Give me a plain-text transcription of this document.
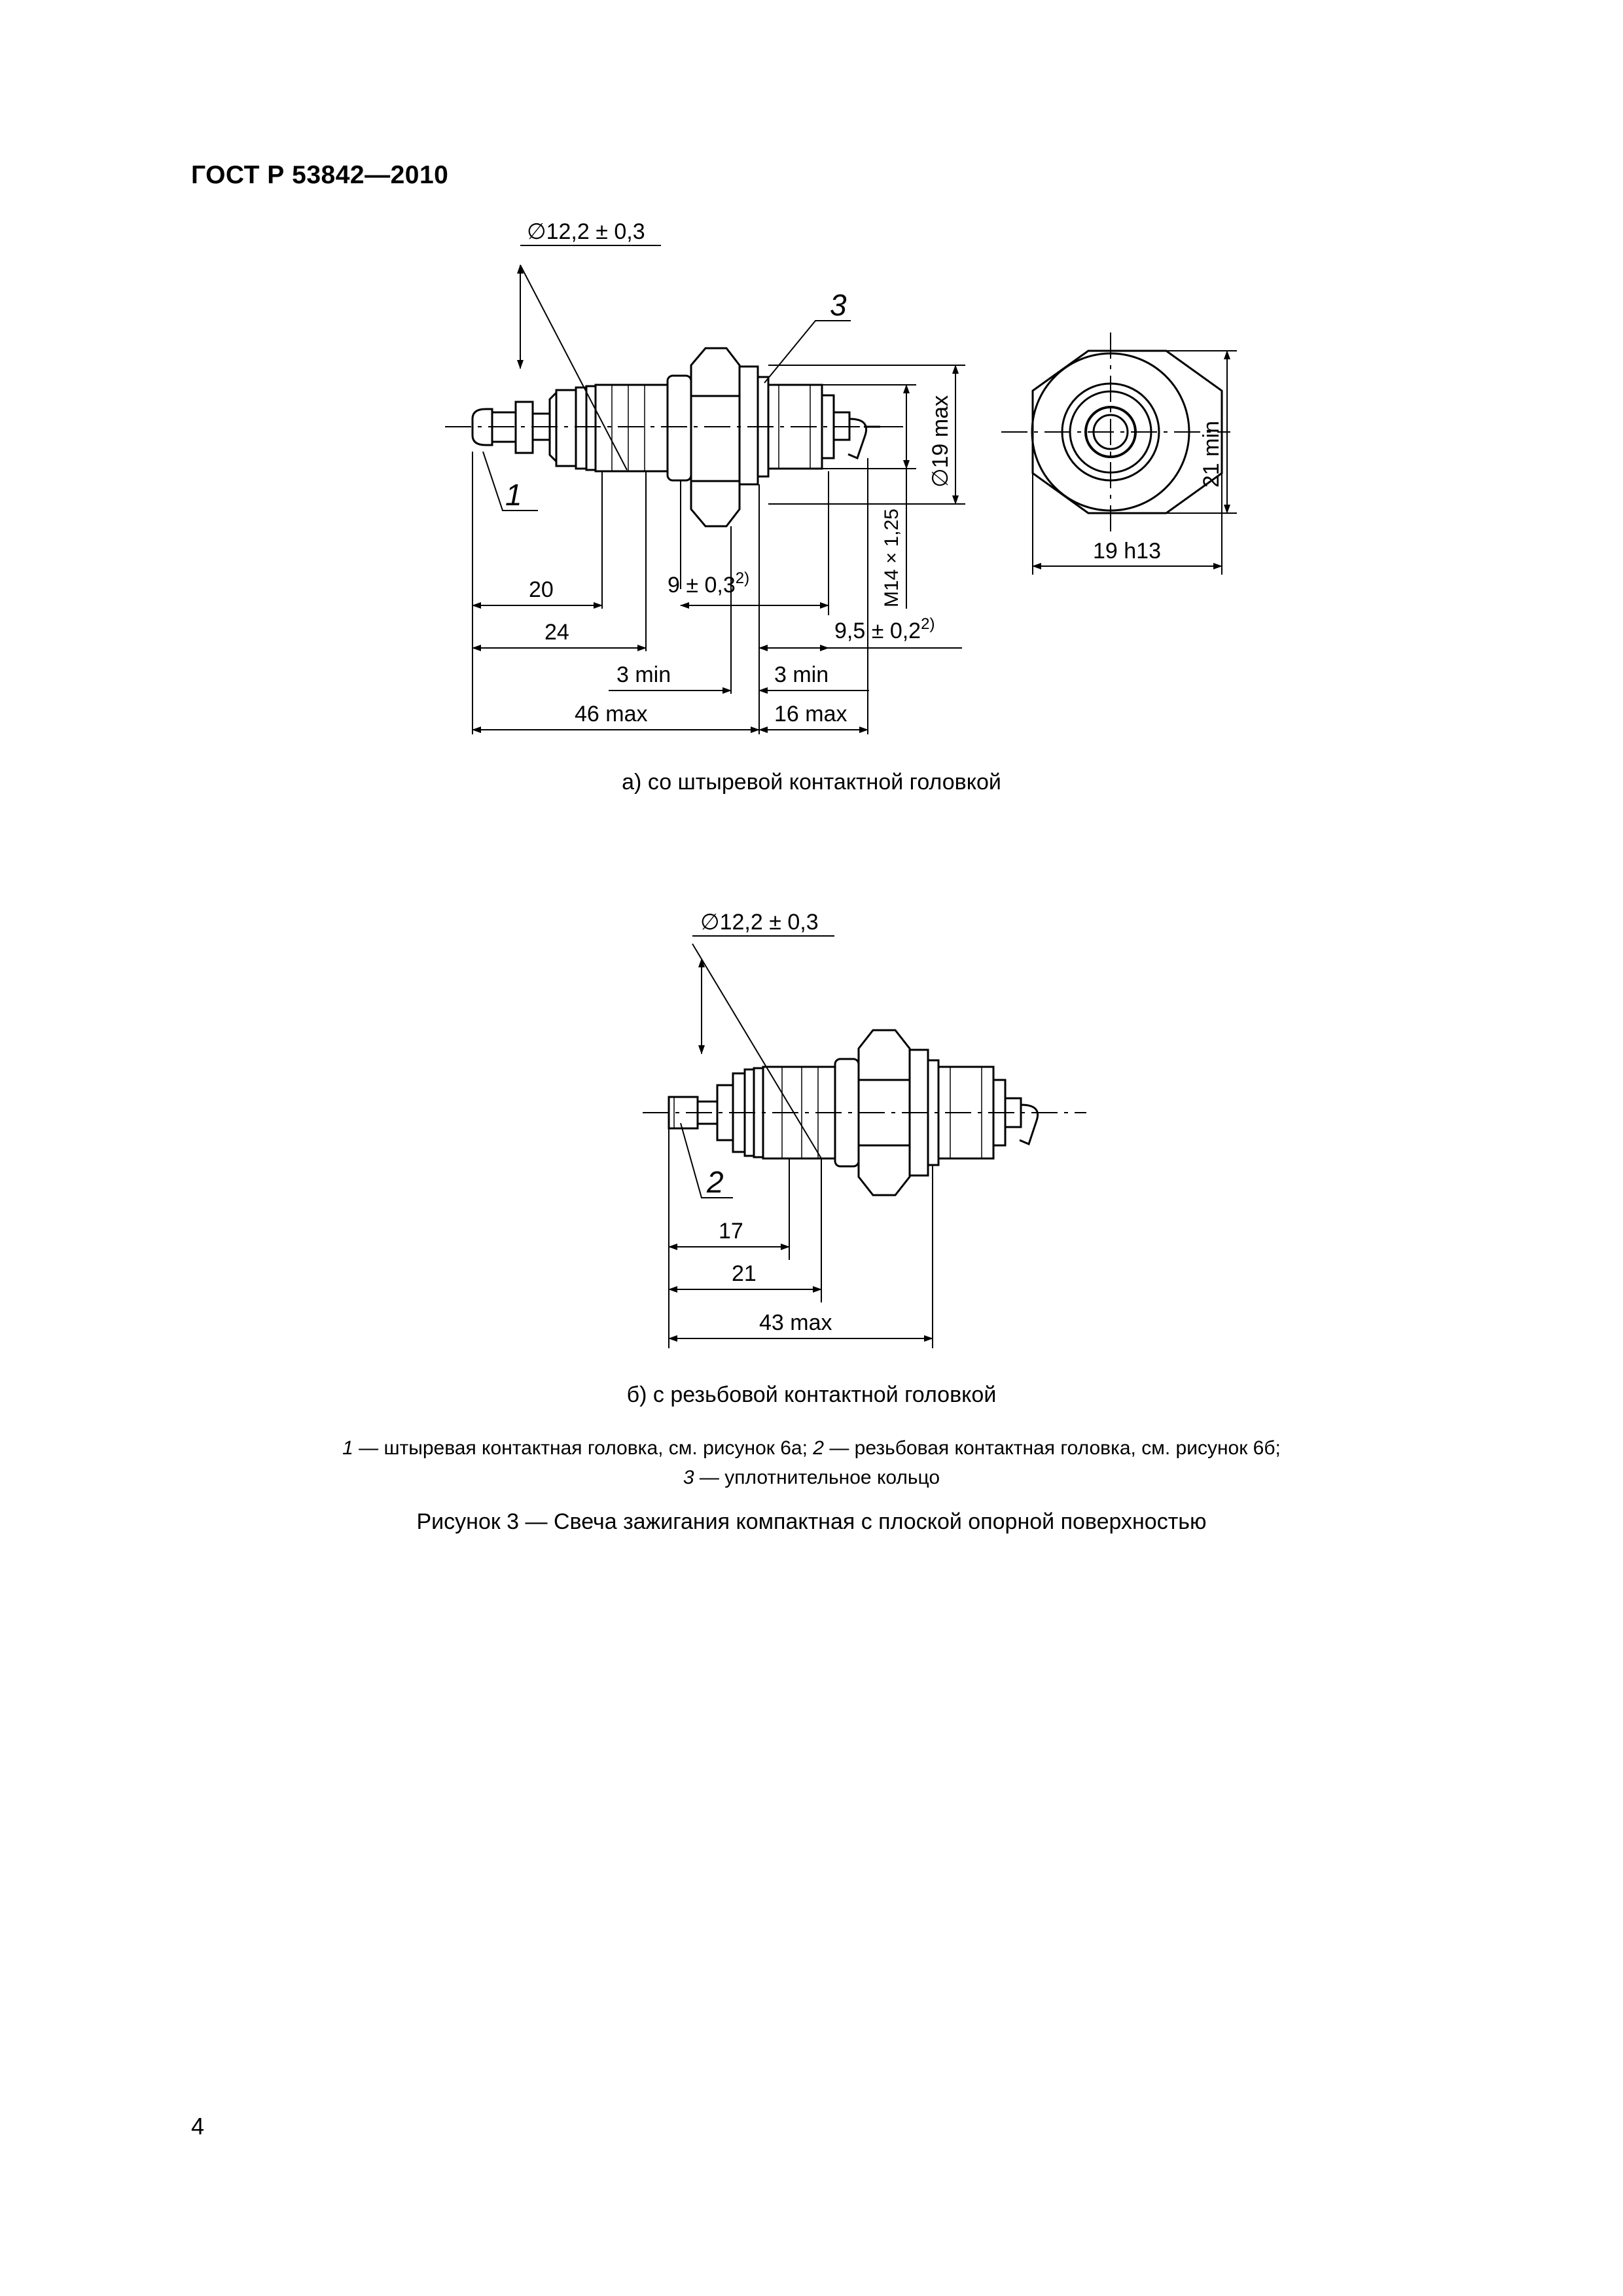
ГОСТ Р 53842—2010
∅12,2 ± 0,3
3
1
∅19 max
M14 × 1,25
21 min
19 h13
20
24
$9 \pm 0,3^{2)}$
$9,5 \pm 0,2^{2)}$
3 min	3 min
46 max	16 max
∅12,2 ± 0,3
2
17
21
43 max
а) со штыревой контактной головкой
б) с резьбовой контактной головкой
1 — штыревая контактная головка, см. рисунок 6а; 2 — резьбовая контактная головка, см. рисунок 6б;
3 — уплотнительное кольцо
Рисунок 3 — Свеча зажигания компактная с плоской опорной поверхностью
4
